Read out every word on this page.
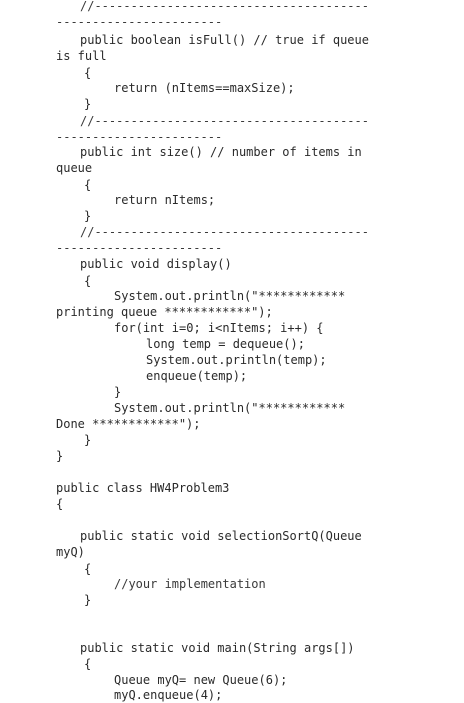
//--------------------------------------
-----------------------
public boolean isFull() // true if queue
is full
{
return (nItems==maxSize);
}
//--------------------------------------
-----------------------
public int size() // number of items in
queue
{
return nItems;
}
//--------------------------------------
-----------------------
public void display()
{
System.out.println("************
printing queue ************");
for(int i=0; i<nItems; i++) {
long temp = dequeue();
System.out.println(temp);
enqueue(temp);
}
System.out.println("************
Done ************");
}
}
public class HW4Problem3
{
public static void selectionSortQ(Queue
myQ)
{
//your implementation
}
public static void main(String args[])
{
Queue myQ= new Queue(6);
myQ.enqueue(4);
